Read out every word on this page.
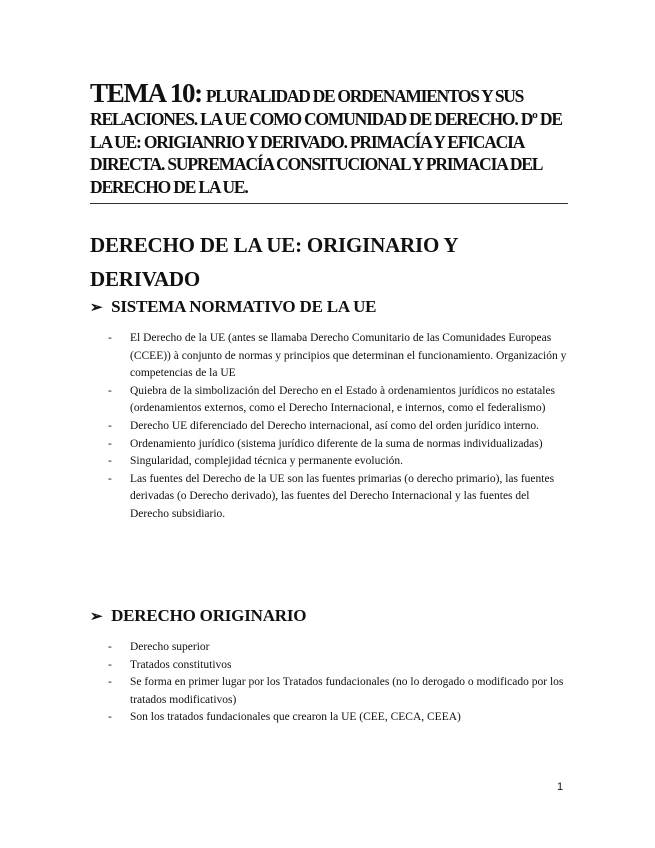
TEMA 10: PLURALIDAD DE ORDENAMIENTOS Y SUS
RELACIONES. LA UE COMO COMUNIDAD DE DERECHO. Dº DE
LA UE: ORIGIANRIO Y DERIVADO. PRIMACÍA Y EFICACIA
DIRECTA. SUPREMACÍA CONSITUCIONAL Y PRIMACIA DEL
DERECHO DE LA UE.
DERECHO DE LA UE: ORIGINARIO Y DERIVADO
➢ SISTEMA NORMATIVO DE LA UE
- El Derecho de la UE (antes se llamaba Derecho Comunitario de las Comunidades Europeas (CCEE)) à conjunto de normas y principios que determinan el funcionamiento. Organización y competencias de la UE
- Quiebra de la simbolización del Derecho en el Estado à ordenamientos jurídicos no estatales (ordenamientos externos, como el Derecho Internacional, e internos, como el federalismo)
- Derecho UE diferenciado del Derecho internacional, así como del orden jurídico interno.
- Ordenamiento jurídico (sistema jurídico diferente de la suma de normas individualizadas)
- Singularidad, complejidad técnica y permanente evolución.
- Las fuentes del Derecho de la UE son las fuentes primarias (o derecho primario), las fuentes derivadas (o Derecho derivado), las fuentes del Derecho Internacional y las fuentes del Derecho subsidiario.
➢ DERECHO ORIGINARIO
- Derecho superior
- Tratados constitutivos
- Se forma en primer lugar por los Tratados fundacionales (no lo derogado o modificado por los tratados modificativos)
- Son los tratados fundacionales que crearon la UE (CEE, CECA, CEEA)
1
